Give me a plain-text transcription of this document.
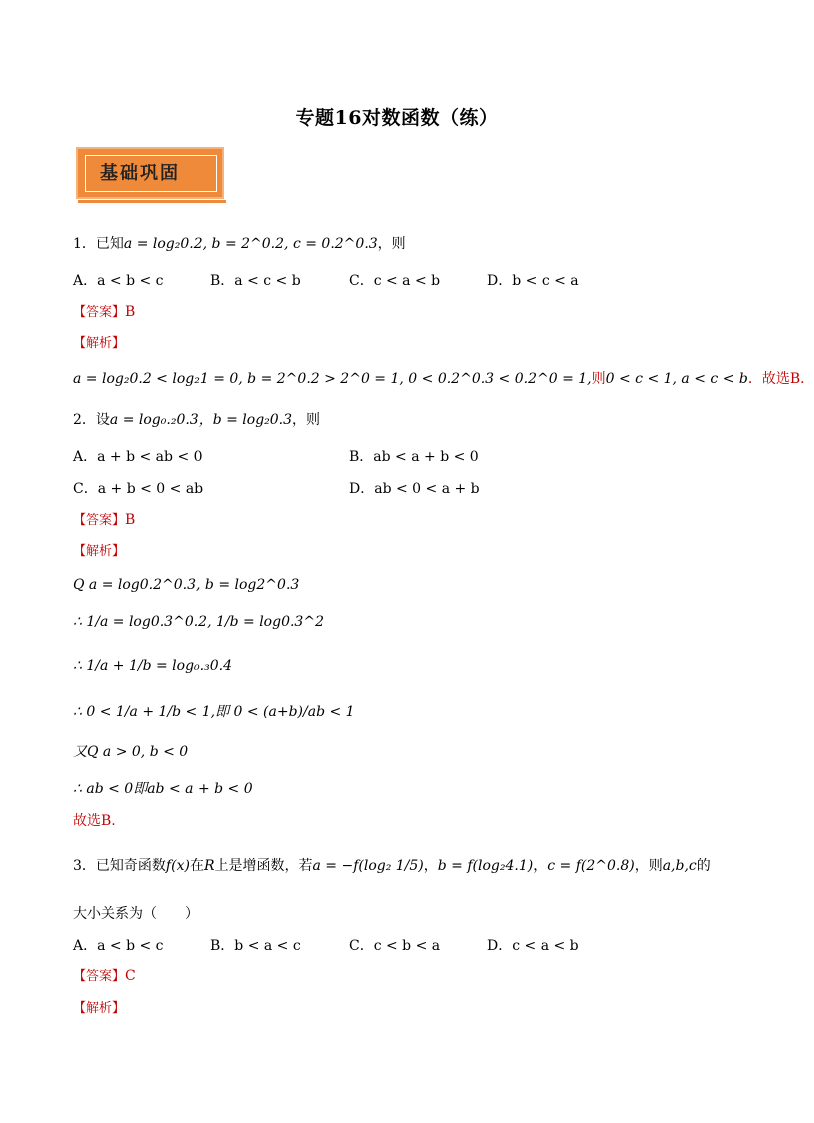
专题16对数函数（练）
基础巩固
1．已知a = log₂0.2, b = 2^0.2, c = 0.2^0.3，则
A．a < b < c	B．a < c < b	C．c < a < b	D．b < c < a
【答案】B
【解析】
a = log₂0.2 < log₂1 = 0, b = 2^0.2 > 2^0 = 1, 0 < 0.2^0.3 < 0.2^0 = 1,则0 < c < 1, a < c < b．故选B．
2．设a = log₀.₂0.3，b = log₂0.3，则
A．a + b < ab < 0	B．ab < a + b < 0
C．a + b < 0 < ab	D．ab < 0 < a + b
【答案】B
【解析】
Q a = log0.2^0.3, b = log2^0.3
∴ 1/a = log0.3^0.2, 1/b = log0.3^2
∴ 1/a + 1/b = log₀.₃0.4
∴ 0 < 1/a + 1/b < 1,即 0 < (a+b)/ab < 1
又Q a > 0, b < 0
∴ ab < 0即ab < a + b < 0
故选B.
3．已知奇函数f(x)在R上是增函数，若a = −f(log₂ 1/5)，b = f(log₂4.1)，c = f(2^0.8)，则a,b,c的
大小关系为（　　）
A．a < b < c	B．b < a < c	C．c < b < a	D．c < a < b
【答案】C
【解析】
